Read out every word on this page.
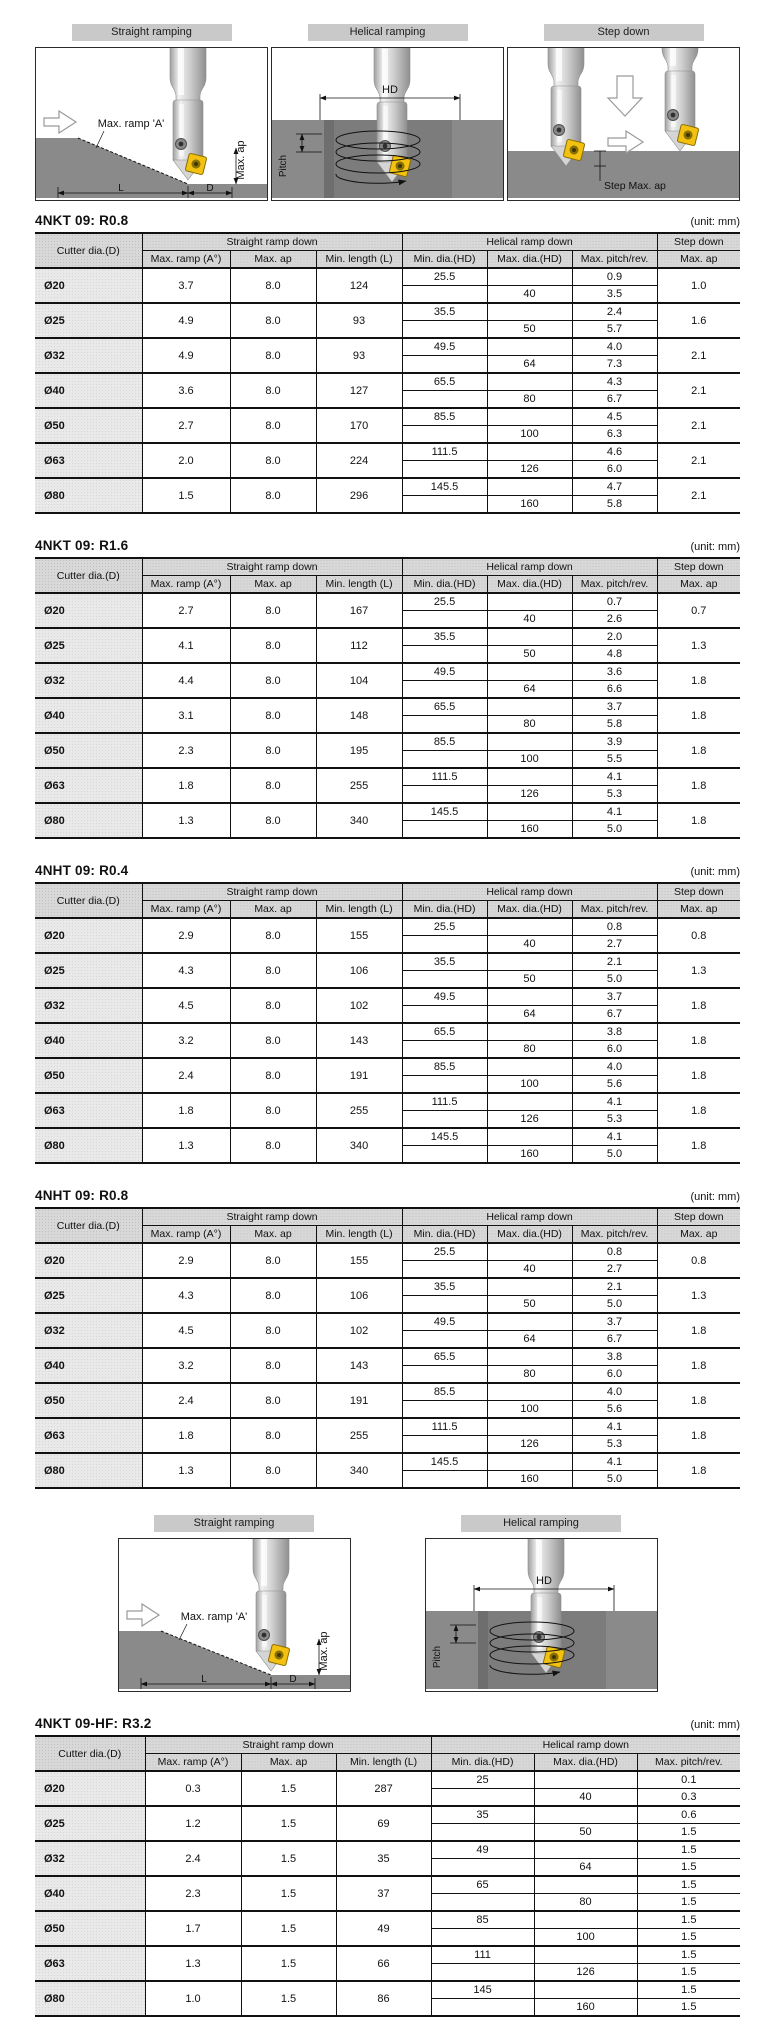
Straight ramping
Max. ramp 'A'
Max. ap
L	D
Helical ramping
HD
Pitch
Step down
Step Max. ap
4NKT 09: R0.8	(unit: mm)
Cutter dia.(D)	Straight ramp down			Helical ramp down			Step down
	Max. ramp (A°)	Max. ap	Min. length (L)	Min. dia.(HD)	Max. dia.(HD)	Max. pitch/rev.	Max. ap
Ø20	3.7	8.0	124	25.5		0.9	1.0
					40	3.5	
Ø25	4.9	8.0	93	35.5		2.4	1.6
					50	5.7	
Ø32	4.9	8.0	93	49.5		4.0	2.1
					64	7.3	
Ø40	3.6	8.0	127	65.5		4.3	2.1
					80	6.7	
Ø50	2.7	8.0	170	85.5		4.5	2.1
					100	6.3	
Ø63	2.0	8.0	224	111.5		4.6	2.1
					126	6.0	
Ø80	1.5	8.0	296	145.5		4.7	2.1
					160	5.8	
4NKT 09: R1.6	(unit: mm)
Cutter dia.(D)	Straight ramp down			Helical ramp down			Step down
	Max. ramp (A°)	Max. ap	Min. length (L)	Min. dia.(HD)	Max. dia.(HD)	Max. pitch/rev.	Max. ap
Ø20	2.7	8.0	167	25.5		0.7	0.7
					40	2.6	
Ø25	4.1	8.0	112	35.5		2.0	1.3
					50	4.8	
Ø32	4.4	8.0	104	49.5		3.6	1.8
					64	6.6	
Ø40	3.1	8.0	148	65.5		3.7	1.8
					80	5.8	
Ø50	2.3	8.0	195	85.5		3.9	1.8
					100	5.5	
Ø63	1.8	8.0	255	111.5		4.1	1.8
					126	5.3	
Ø80	1.3	8.0	340	145.5		4.1	1.8
					160	5.0	
4NHT 09: R0.4	(unit: mm)
Cutter dia.(D)	Straight ramp down			Helical ramp down			Step down
	Max. ramp (A°)	Max. ap	Min. length (L)	Min. dia.(HD)	Max. dia.(HD)	Max. pitch/rev.	Max. ap
Ø20	2.9	8.0	155	25.5		0.8	0.8
					40	2.7	
Ø25	4.3	8.0	106	35.5		2.1	1.3
					50	5.0	
Ø32	4.5	8.0	102	49.5		3.7	1.8
					64	6.7	
Ø40	3.2	8.0	143	65.5		3.8	1.8
					80	6.0	
Ø50	2.4	8.0	191	85.5		4.0	1.8
					100	5.6	
Ø63	1.8	8.0	255	111.5		4.1	1.8
					126	5.3	
Ø80	1.3	8.0	340	145.5		4.1	1.8
					160	5.0	
4NHT 09: R0.8	(unit: mm)
Cutter dia.(D)	Straight ramp down			Helical ramp down			Step down
	Max. ramp (A°)	Max. ap	Min. length (L)	Min. dia.(HD)	Max. dia.(HD)	Max. pitch/rev.	Max. ap
Ø20	2.9	8.0	155	25.5		0.8	0.8
					40	2.7	
Ø25	4.3	8.0	106	35.5		2.1	1.3
					50	5.0	
Ø32	4.5	8.0	102	49.5		3.7	1.8
					64	6.7	
Ø40	3.2	8.0	143	65.5		3.8	1.8
					80	6.0	
Ø50	2.4	8.0	191	85.5		4.0	1.8
					100	5.6	
Ø63	1.8	8.0	255	111.5		4.1	1.8
					126	5.3	
Ø80	1.3	8.0	340	145.5		4.1	1.8
					160	5.0	
Straight ramping
Max. ramp 'A'
Max. ap
L	D
Helical ramping
HD
Pitch
4NKT 09-HF: R3.2	(unit: mm)
Cutter dia.(D)	Straight ramp down			Helical ramp down		
	Max. ramp (A°)	Max. ap	Min. length (L)	Min. dia.(HD)	Max. dia.(HD)	Max. pitch/rev.
Ø20	0.3	1.5	287	25		0.1
					40	0.3
Ø25	1.2	1.5	69	35		0.6
					50	1.5
Ø32	2.4	1.5	35	49		1.5
					64	1.5
Ø40	2.3	1.5	37	65		1.5
					80	1.5
Ø50	1.7	1.5	49	85		1.5
					100	1.5
Ø63	1.3	1.5	66	111		1.5
					126	1.5
Ø80	1.0	1.5	86	145		1.5
					160	1.5
